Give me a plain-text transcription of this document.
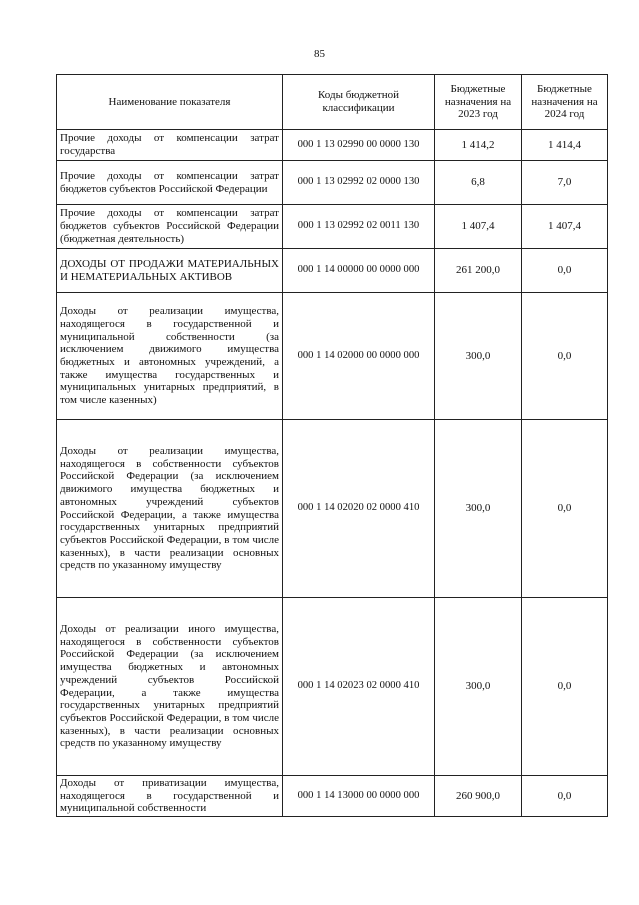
85
Наименование показателя	Коды бюджетной классификации	Бюджетные назначения на 2023 год	Бюджетные назначения на 2024 год
Прочие доходы от компенсации затрат государства	000 1 13 02990 00 0000 130	1 414,2	1 414,4
Прочие доходы от компенсации затрат бюджетов субъектов Российской Федерации	000 1 13 02992 02 0000 130	6,8	7,0
Прочие доходы от компенсации затрат бюджетов субъектов Российской Федерации (бюджетная деятельность)	000 1 13 02992 02 0011 130	1 407,4	1 407,4
ДОХОДЫ ОТ ПРОДАЖИ МАТЕРИАЛЬНЫХ И НЕМАТЕРИАЛЬНЫХ АКТИВОВ	000 1 14 00000 00 0000 000	261 200,0	0,0
Доходы от реализации имущества, находящегося в государственной и муниципальной собственности (за исключением движимого имущества бюджетных и автономных учреждений, а также имущества государственных и муниципальных унитарных предприятий, в том числе казенных)	000 1 14 02000 00 0000 000	300,0	0,0
Доходы от реализации имущества, находящегося в собственности субъектов Российской Федерации (за исключением движимого имущества бюджетных и автономных учреждений субъектов Российской Федерации, а также имущества государственных унитарных предприятий субъектов Российской Федерации, в том числе казенных), в части реализации основных средств по указанному имуществу	000 1 14 02020 02 0000 410	300,0	0,0
Доходы от реализации иного имущества, находящегося в собственности субъектов Российской Федерации (за исключением имущества бюджетных и автономных учреждений субъектов Российской Федерации, а также имущества государственных унитарных предприятий субъектов Российской Федерации, в том числе казенных), в части реализации основных средств по указанному имуществу	000 1 14 02023 02 0000 410	300,0	0,0
Доходы от приватизации имущества, находящегося в государственной и муниципальной собственности	000 1 14 13000 00 0000 000	260 900,0	0,0
